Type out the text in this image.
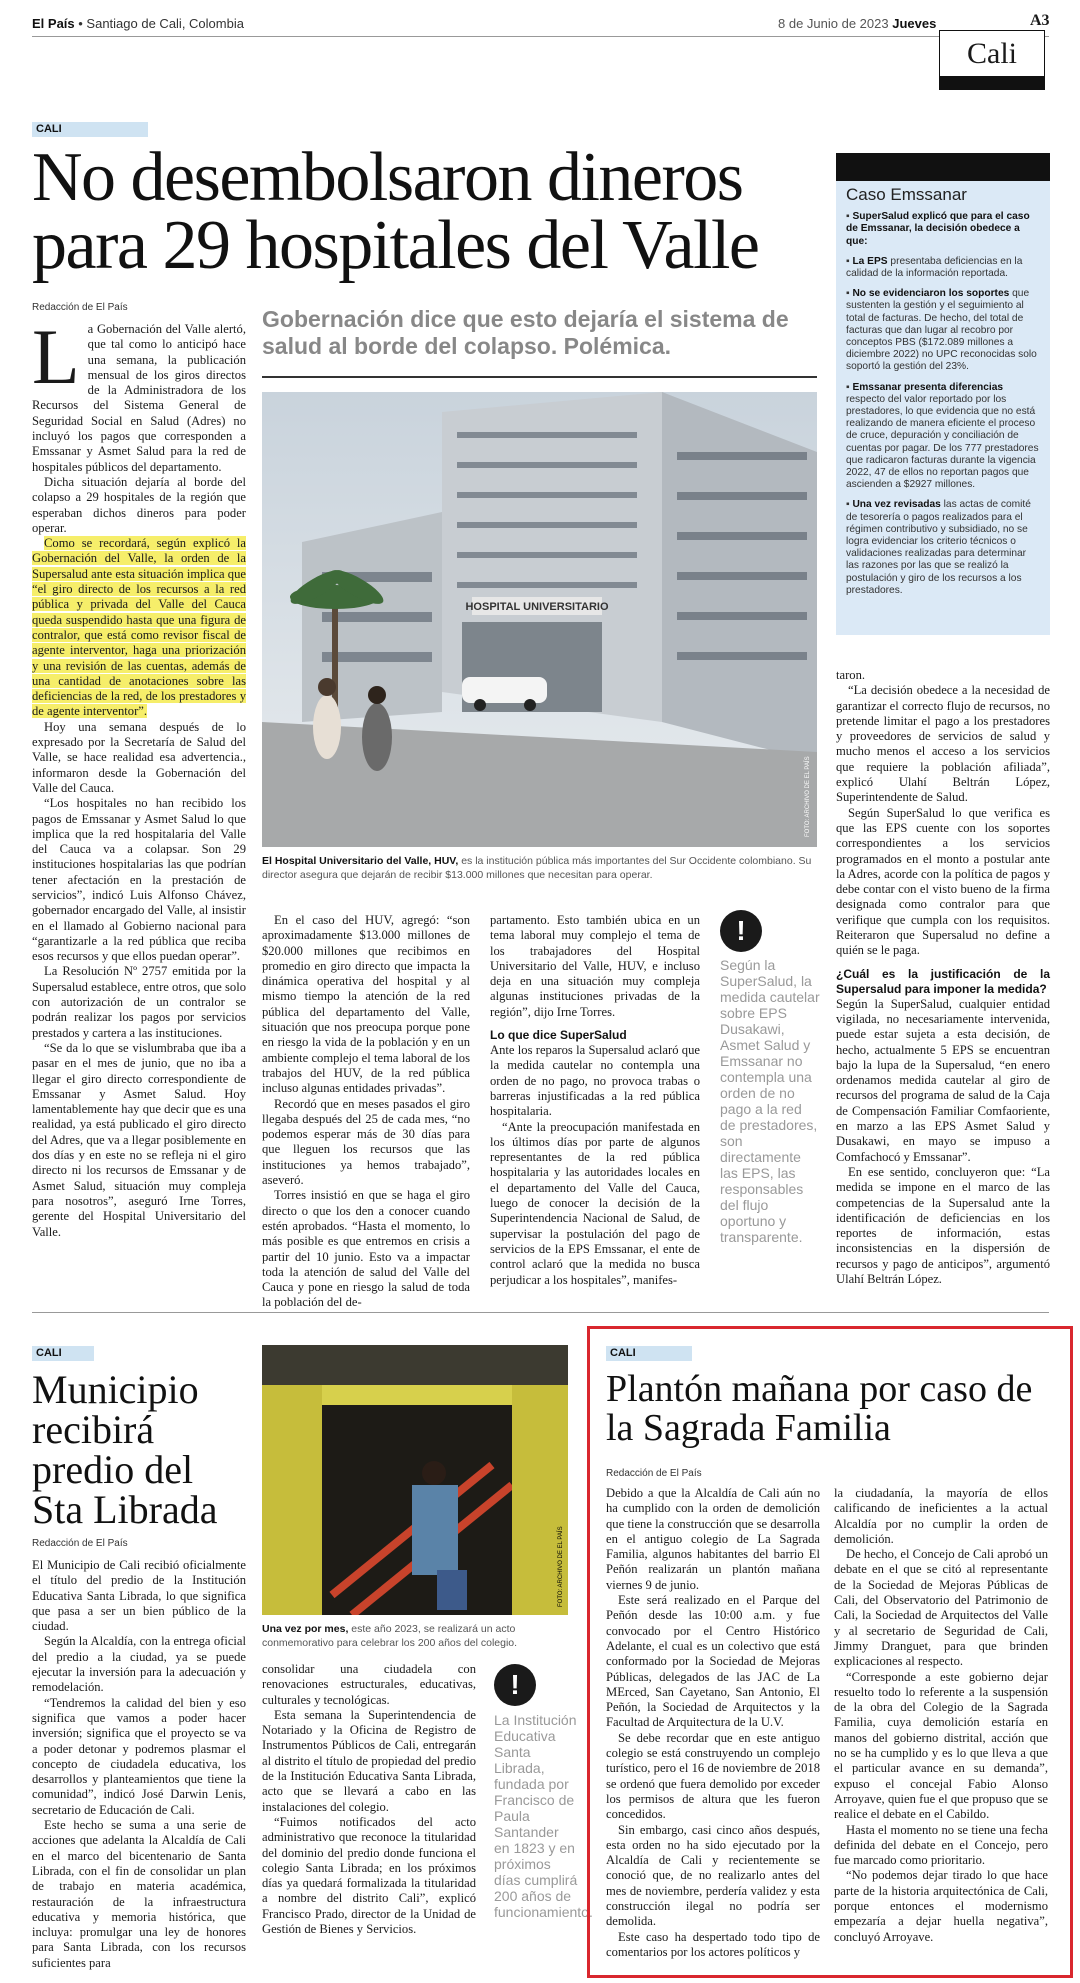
El País • Santiago de Cali, Colombia	8 de Junio de 2023 Jueves	A3
Cali
CALI
No desembolsaron dineros para 29 hospitales del Valle
Redacción de El País	Gobernación dice que esto dejaría el sistema de salud al borde del colapso. Polémica.

La Gobernación del Valle alertó, que tal como lo anticipó hace una semana, la publicación mensual de los giros directos de la Administradora de los Recursos del Sistema General de Seguridad Social en Salud (Adres) no incluyó los pagos que corresponden a Emssanar y Asmet Salud para la red de hospitales públicos del departamento.

Dicha situación dejaría al borde del colapso a 29 hospitales de la región que esperaban dichos dineros para poder operar.

Como se recordará, según explicó la Gobernación del Valle, la orden de la Supersalud ante esta situación implica que “el giro directo de los recursos a la red pública y privada del Valle del Cauca queda suspendido hasta que una figura de contralor, que está como revisor fiscal de agente interventor, haga una priorización y una revisión de las cuentas, además de una cantidad de anotaciones sobre las deficiencias de la red, de los prestadores y de agente interventor”.

Hoy una semana después de lo expresado por la Secretaría de Salud del Valle, se hace realidad esa advertencia., informaron desde la Gobernación del Valle del Cauca.

“Los hospitales no han recibido los pagos de Emssanar y Asmet Salud lo que implica que la red hospitalaria del Valle del Cauca va a colapsar. Son 29 instituciones hospitalarias las que podrían tener afectación en la prestación de servicios”, indicó Luis Alfonso Chávez, gobernador encargado del Valle, al insistir en el llamado al Gobierno nacional para “garantizarle a la red pública que reciba esos recursos y que ellos puedan operar”.

La Resolución Nº 2757 emitida por la Supersalud establece, entre otros, que solo con autorización de un contralor se podrán realizar los pagos por servicios prestados y cartera a las instituciones.

“Se da lo que se vislumbraba que iba a pasar en el mes de junio, que no iba a llegar el giro directo correspondiente de Emssanar y Asmet Salud. Hoy lamentablemente hay que decir que es una realidad, ya está publicado el giro directo del Adres, que va a llegar posiblemente en dos días y en este no se refleja ni el giro directo ni los recursos de Emssanar y de Asmet Salud, situación muy compleja para nosotros”, aseguró Irne Torres, gerente del Hospital Universitario del Valle.

HOSPITAL UNIVERSITARIO
FOTO: ARCHIVO DE EL PAÍS
El Hospital Universitario del Valle, HUV, es la institución pública más importantes del Sur Occidente colombiano. Su director asegura que dejarán de recibir $13.000 millones que necesitan para operar.

En el caso del HUV, agregó: “son aproximadamente $13.000 millones de $20.000 millones que recibimos en promedio en giro directo que impacta la dinámica operativa del hospital y al mismo tiempo la atención de la red pública del departamento del Valle, situación que nos preocupa porque pone en riesgo la vida de la población y en un ambiente complejo el tema laboral de los trabajos del HUV, de la red pública incluso algunas entidades privadas”.

Recordó que en meses pasados el giro llegaba después del 25 de cada mes, “no podemos esperar más de 30 días para que lleguen los recursos que las instituciones ya hemos trabajado”, aseveró.

Torres insistió en que se haga el giro directo o que los den a conocer cuando estén aprobados. “Hasta el momento, lo más posible es que entremos en crisis a partir del 10 junio. Esto va a impactar toda la atención de salud del Valle del Cauca y pone en riesgo la salud de toda la población del de-

partamento. Esto también ubica en un tema laboral muy complejo el tema de los trabajadores del Hospital Universitario del Valle, HUV, e incluso deja en una situación muy compleja algunas instituciones privadas de la región”, dijo Irne Torres.

Lo que dice SuperSalud

Ante los reparos la Supersalud aclaró que la medida cautelar no contempla una orden de no pago, no provoca trabas o barreras injustificadas a la red pública hospitalaria.

“Ante la preocupación manifestada en los últimos días por parte de algunos representantes de la red pública hospitalaria y las autoridades locales en el departamento del Valle del Cauca, luego de conocer la decisión de la Superintendencia Nacional de Salud, de supervisar la postulación del pago de servicios de la EPS Emssanar, el ente de control aclaró que la medida no busca perjudicar a los hospitales”, manifes-

!
Según la SuperSalud, la medida cautelar sobre EPS Dusakawi, Asmet Salud y Emssanar no contempla una orden de no pago a la red de prestadores, son directamente las EPS, las responsables del flujo oportuno y transparente.

taron.

“La decisión obedece a la necesidad de garantizar el correcto flujo de recursos, no pretende limitar el pago a los prestadores y proveedores de servicios de salud y mucho menos el acceso a los servicios que requiere la población afiliada”, explicó Ulahí Beltrán López, Superintendente de Salud.

Según SuperSalud lo que verifica es que las EPS cuente con los soportes correspondientes a los servicios programados en el monto a postular ante la Adres, acorde con la política de pagos y debe contar con el visto bueno de la firma designada como contralor para que verifique que cumpla con los requisitos. Reiteraron que Supersalud no define a quién se le paga.

¿Cuál es la justificación de la Supersalud para imponer la medida?

Según la SuperSalud, cualquier entidad vigilada, no necesariamente intervenida, puede estar sujeta a esta decisión, de hecho, actualmente 5 EPS se encuentran bajo la lupa de la Supersalud, “en enero ordenamos medida cautelar al giro de recursos del programa de salud de la Caja de Compensación Familiar Comfaoriente, en marzo a las EPS Asmet Salud y Dusakawi, en mayo se impuso a Comfachocó y Emssanar”.

En ese sentido, concluyeron que: “La medida se impone en el marco de las competencias de la Supersalud ante la identificación de deficiencias en los reportes de información, estas inconsistencias en la dispersión de recursos y pago de anticipos”, argumentó Ulahí Beltrán López.

Caso Emssanar
▪ SuperSalud explicó que para el caso de Emssanar, la decisión obedece a que:
▪ La EPS presentaba deficiencias en la calidad de la información reportada.
▪ No se evidenciaron los soportes que sustenten la gestión y el seguimiento al total de facturas. De hecho, del total de facturas que dan lugar al recobro por conceptos PBS ($172.089 millones a diciembre 2022) no UPC reconocidas solo soportó la gestión del 23%.
▪ Emssanar presenta diferencias respecto del valor reportado por los prestadores, lo que evidencia que no está realizando de manera eficiente el proceso de cruce, depuración y conciliación de cuentas por pagar. De los 777 prestadores que radicaron facturas durante la vigencia 2022, 47 de ellos no reportan pagos que ascienden a $2927 millones.
▪ Una vez revisadas las actas de comité de tesorería o pagos realizados para el régimen contributivo y subsidiado, no se logra evidenciar los criterio técnicos o validaciones realizadas para determinar las razones por las que se realizó la postulación y giro de los recursos a los prestadores.
CALI
Municipio recibirá predio del Sta Librada
Redacción de El País

El Municipio de Cali recibió oficialmente el título del predio de la Institución Educativa Santa Librada, lo que significa que pasa a ser un bien público de la ciudad.

Según la Alcaldía, con la entrega oficial del predio a la ciudad, ya se puede ejecutar la inversión para la adecuación y remodelación.

“Tendremos la calidad del bien y eso significa que vamos a poder hacer inversión; significa que el proyecto se va a poder detonar y podremos plasmar el concepto de ciudadela educativa, los desarrollos y planteamientos que tiene la comunidad”, indicó José Darwin Lenis, secretario de Educación de Cali.

Este hecho se suma a una serie de acciones que adelanta la Alcaldía de Cali en el marco del bicentenario de Santa Librada, con el fin de consolidar un plan de trabajo en materia académica, restauración de la infraestructura educativa y memoria histórica, que incluya: promulgar una ley de honores para Santa Librada, con los recursos suficientes para

FOTO: ARCHIVO DE EL PAÍS
Una vez por mes, este año 2023, se realizará un acto conmemorativo para celebrar los 200 años del colegio.

consolidar una ciudadela con renovaciones estructurales, educativas, culturales y tecnológicas.

Esta semana la Superintendencia de Notariado y la Oficina de Registro de Instrumentos Públicos de Cali, entregarán al distrito el título de propiedad del predio de la Institución Educativa Santa Librada, acto que se llevará a cabo en las instalaciones del colegio.

“Fuimos notificados del acto administrativo que reconoce la titularidad del dominio del predio donde funciona el colegio Santa Librada; en los próximos días ya quedará formalizada la titularidad a nombre del distrito Cali”, explicó Francisco Prado, director de la Unidad de Gestión de Bienes y Servicios.

!
La Institución Educativa Santa Librada, fundada por Francisco de Paula Santander en 1823 y en próximos días cumplirá 200 años de funcionamiento.
CALI
Plantón mañana por caso de la Sagrada Familia
Redacción de El País

Debido a que la Alcaldía de Cali aún no ha cumplido con la orden de demolición que tiene la construcción que se desarrolla en el antiguo colegio de La Sagrada Familia, algunos habitantes del barrio El Peñón realizarán un plantón mañana viernes 9 de junio.

Este será realizado en el Parque del Peñón desde las 10:00 a.m. y fue convocado por el Centro Histórico Adelante, el cual es un colectivo que está conformado por la Sociedad de Mejoras Públicas, delegados de las JAC de La MErced, San Cayetano, San Antonio, El Peñón, la Sociedad de Arquitectos y la Facultad de Arquitectura de la U.V.

Se debe recordar que en este antiguo colegio se está construyendo un complejo turístico, pero el 16 de noviembre de 2018 se ordenó que fuera demolido por exceder los permisos de altura que les fueron concedidos.

Sin embargo, casi cinco años después, esta orden no ha sido ejecutado por la Alcaldía de Cali y recientemente se conoció que, de no realizarlo antes del mes de noviembre, perdería validez y esta construcción ilegal no podría ser demolida.

Este caso ha despertado todo tipo de comentarios por los actores políticos y

la ciudadanía, la mayoría de ellos calificando de ineficientes a la actual Alcaldía por no cumplir la orden de demolición.

De hecho, el Concejo de Cali aprobó un debate en el que se citó al representante de la Sociedad de Mejoras Públicas de Cali, del Observatorio del Patrimonio de Cali, la Sociedad de Arquitectos del Valle y al secretario de Seguridad de Cali, Jimmy Dranguet, para que brinden explicaciones al respecto.

“Corresponde a este gobierno dejar resuelto todo lo referente a la suspensión de la obra del Colegio de la Sagrada Familia, cuya demolición estaría en manos del gobierno distrital, acción que no se ha cumplido y es lo que lleva a que el particular avance en su demanda”, expuso el concejal Fabio Alonso Arroyave, quien fue el que propuso que se realice el debate en el Cabildo.

Hasta el momento no se tiene una fecha definida del debate en el Concejo, pero fue marcado como prioritario.

“No podemos dejar tirado lo que hace parte de la historia arquitectónica de Cali, porque entonces el modernismo empezaría a dejar huella negativa”, concluyó Arroyave.
